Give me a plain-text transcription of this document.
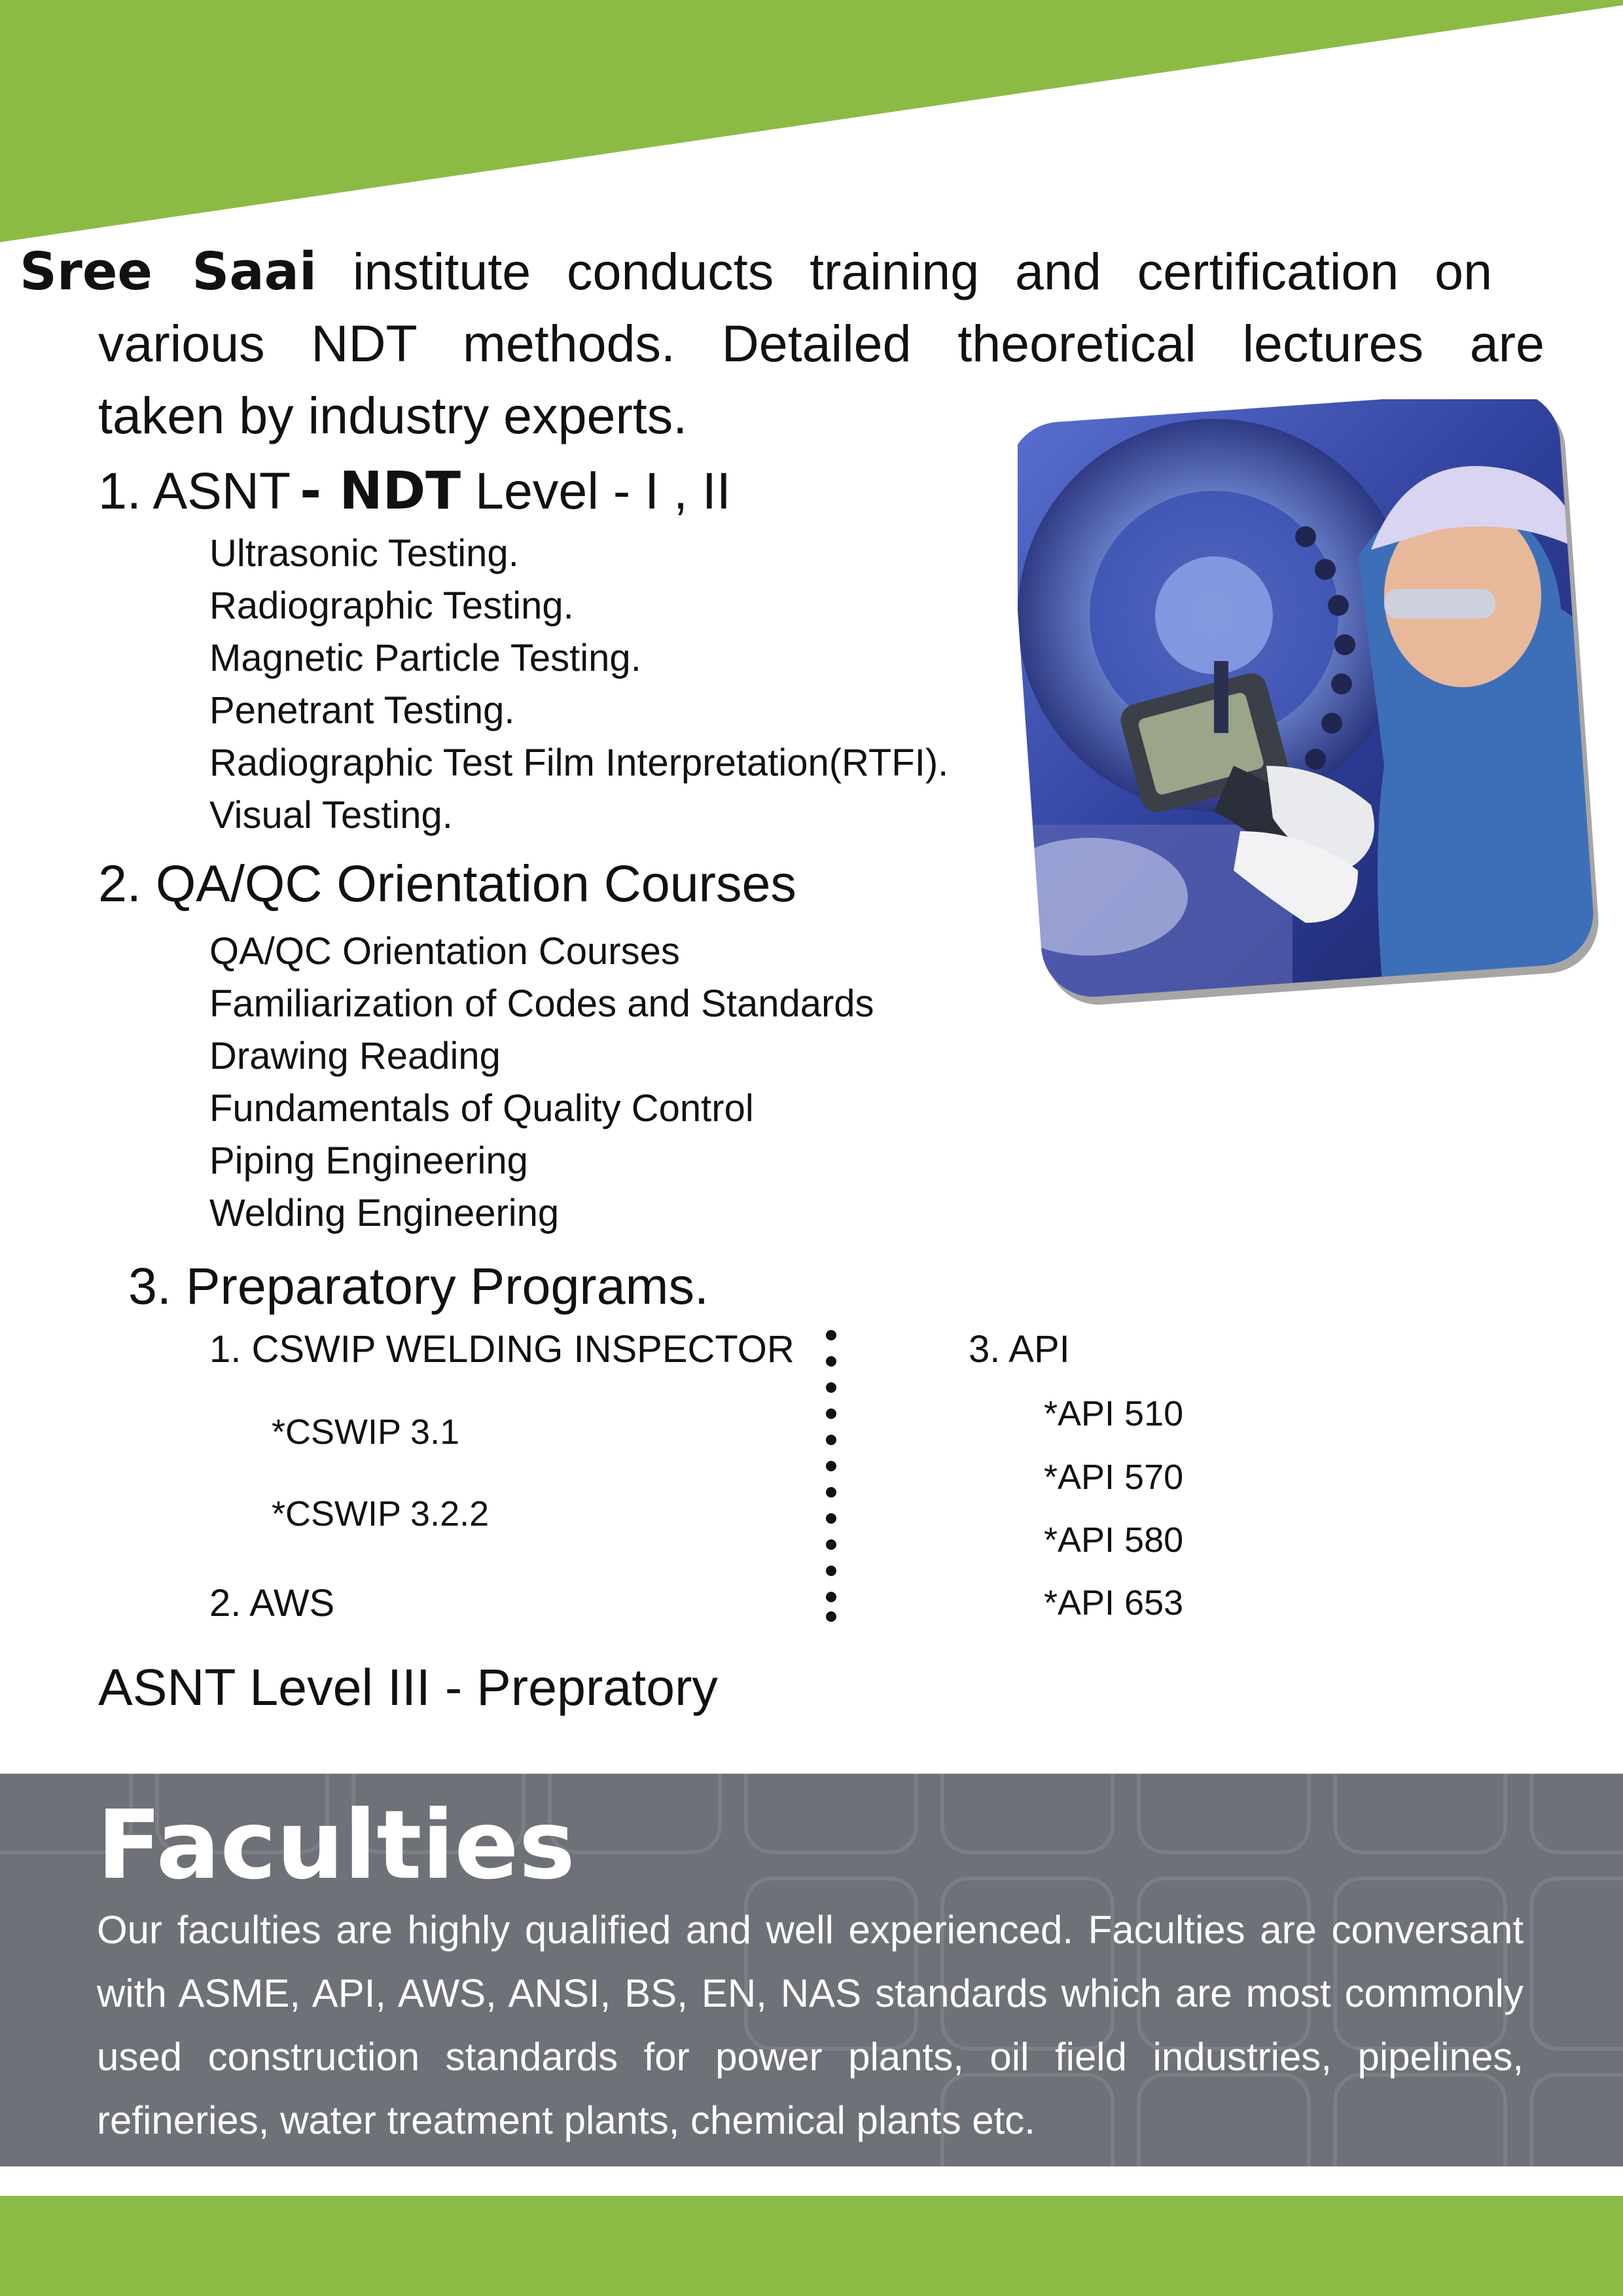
Sree Saai institute conducts training and certification on
various NDT methods. Detailed theoretical lectures are
taken by industry experts.
1. ASNT - NDT Level - I , II
Ultrasonic Testing.
Radiographic Testing.
Magnetic Particle Testing.
Penetrant Testing.
Radiographic Test Film Interpretation(RTFI).
Visual Testing.
2. QA/QC Orientation Courses
QA/QC Orientation Courses
Familiarization of Codes and Standards
Drawing Reading
Fundamentals of Quality Control
Piping Engineering
Welding Engineering
3. Preparatory Programs.
1. CSWIP WELDING INSPECTOR
*CSWIP 3.1
*CSWIP 3.2.2
2. AWS
3. API
*API 510
*API 570
*API 580
*API 653
ASNT Level III - Prepratory
Faculties
Our faculties are highly qualified and well experienced. Faculties are conversant
with ASME, API, AWS, ANSI, BS, EN, NAS standards which are most commonly
used construction standards for power plants, oil field industries, pipelines,
refineries, water treatment plants, chemical plants etc.
